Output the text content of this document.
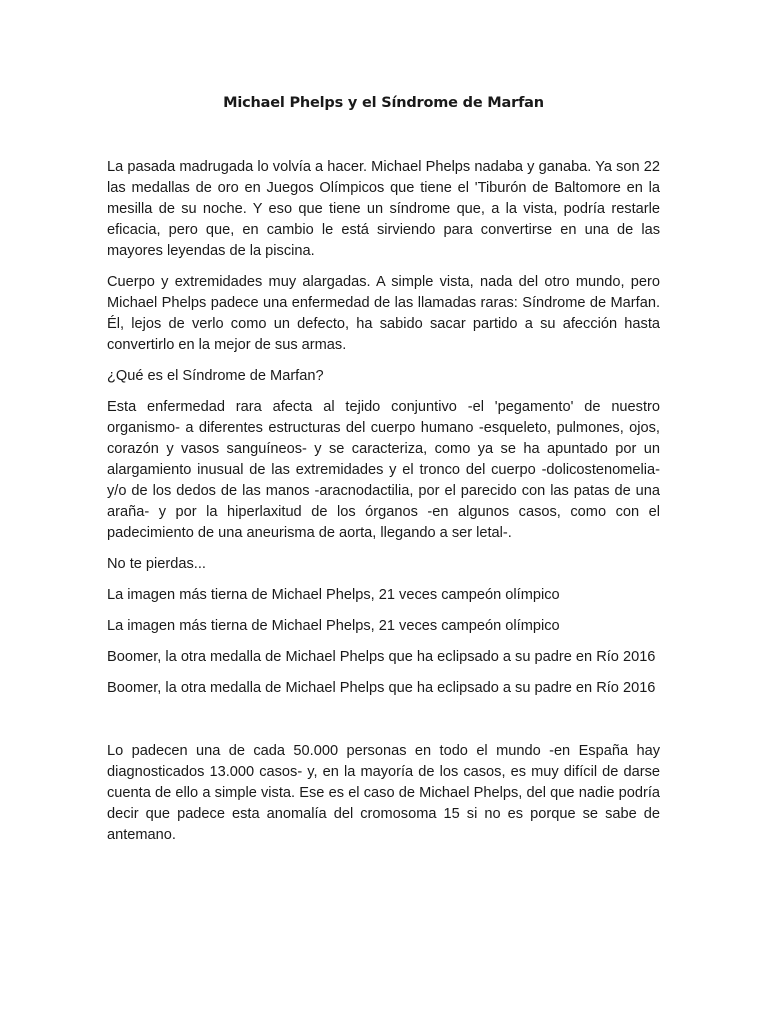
Michael Phelps y el Síndrome de Marfan

La pasada madrugada lo volvía a hacer. Michael Phelps nadaba y ganaba. Ya son 22 las medallas de oro en Juegos Olímpicos que tiene el 'Tiburón de Baltomore en la mesilla de su noche. Y eso que tiene un síndrome que, a la vista, podría restarle eficacia, pero que, en cambio le está sirviendo para convertirse en una de las mayores leyendas de la piscina.

Cuerpo y extremidades muy alargadas. A simple vista, nada del otro mundo, pero Michael Phelps padece una enfermedad de las llamadas raras: Síndrome de Marfan. Él, lejos de verlo como un defecto, ha sabido sacar partido a su afección hasta convertirlo en la mejor de sus armas.

¿Qué es el Síndrome de Marfan?

Esta enfermedad rara afecta al tejido conjuntivo -el 'pegamento' de nuestro organismo- a diferentes estructuras del cuerpo humano -esqueleto, pulmones, ojos, corazón y vasos sanguíneos- y se caracteriza, como ya se ha apuntado por un alargamiento inusual de las extremidades y el tronco del cuerpo -dolicostenomelia- y/o de los dedos de las manos -aracnodactilia, por el parecido con las patas de una araña- y por la hiperlaxitud de los órganos -en algunos casos, como con el padecimiento de una aneurisma de aorta, llegando a ser letal-.

No te pierdas...

La imagen más tierna de Michael Phelps, 21 veces campeón olímpico

La imagen más tierna de Michael Phelps, 21 veces campeón olímpico

Boomer, la otra medalla de Michael Phelps que ha eclipsado a su padre en Río 2016

Boomer, la otra medalla de Michael Phelps que ha eclipsado a su padre en Río 2016

Lo padecen una de cada 50.000 personas en todo el mundo -en España hay diagnosticados 13.000 casos- y, en la mayoría de los casos, es muy difícil de darse cuenta de ello a simple vista. Ese es el caso de Michael Phelps, del que nadie podría decir que padece esta anomalía del cromosoma 15 si no es porque se sabe de antemano.
